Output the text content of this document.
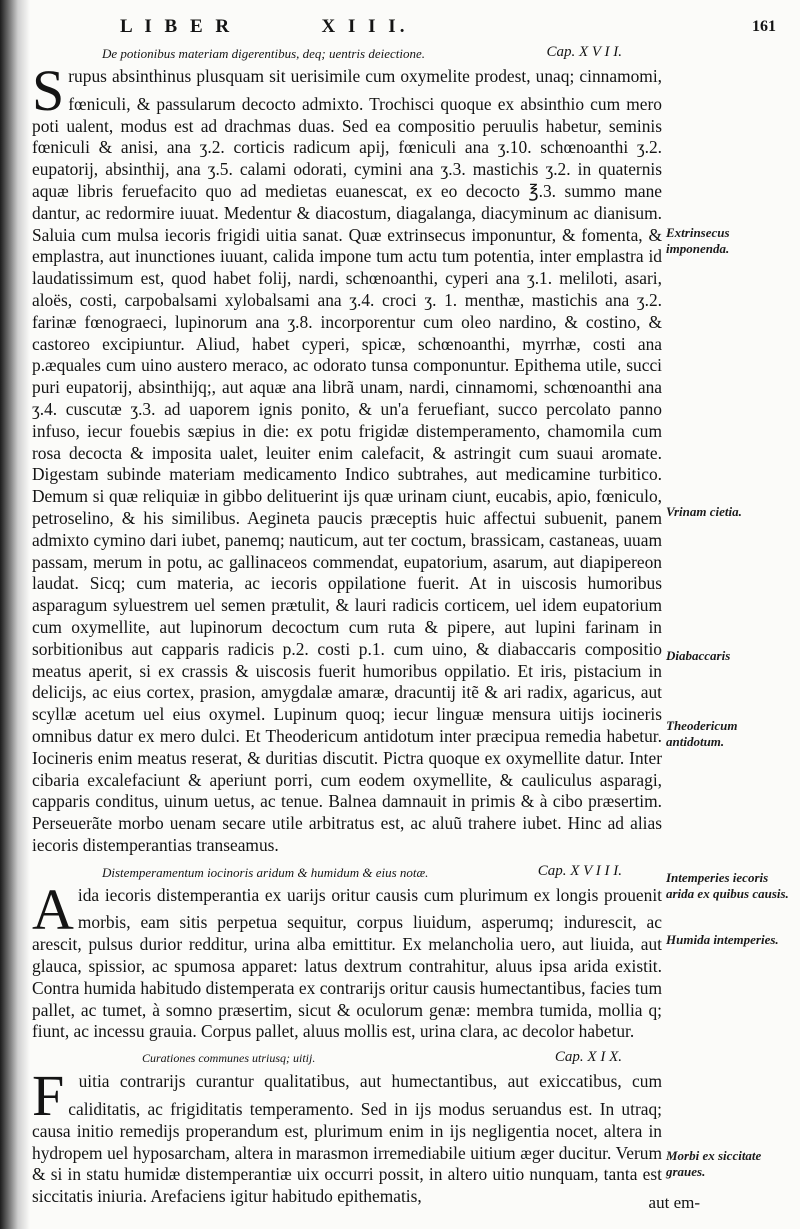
L I B E R	X I I I.	161
De potionibus materiam digerentibus, deq; uentris deiectione.	Cap. X V I I.
S

Yrupus absinthinus plusquam sit uerisimile cum oxymelite prodest, unaq; cinnamomi, fœniculi, & passularum decocto admixto. Trochisci quoque ex absinthio cum mero poti ualent, modus est ad drachmas duas. Sed ea compositio peruulis habetur, seminis fœniculi & anisi, ana ʒ.2. corticis radicum apij, fœniculi ana ʒ.10. schœnoanthi ʒ.2. eupatorij, absinthij, ana ʒ.5. calami odorati, cymini ana ʒ.3. mastichis ʒ.2. in quaternis aquæ libris feruefacito quo ad medietas euanescat, ex eo decocto ℥.3. summo mane dantur, ac redormire iuuat. Medentur & diacostum, diagalanga, diacyminum ac dianisum. Saluia cum mulsa iecoris frigidi uitia sanat. Quæ extrinsecus imponuntur, & fomenta, & emplastra, aut inunctiones iuuant, calida impone tum actu tum potentia, inter emplastra id laudatissimum est, quod habet folij, nardi, schœnoanthi, cyperi ana ʒ.1. meliloti, asari, aloës, costi, carpobalsami xylobalsami ana ʒ.4. croci ʒ. 1. menthæ, mastichis ana ʒ.2. farinæ fœnograeci, lupinorum ana ʒ.8. incorporentur cum oleo nardino, & costino, & castoreo excipiuntur. Aliud, habet cyperi, spicæ, schœnoanthi, myrrhæ, costi ana p.æquales cum uino austero meraco, ac odorato tunsa componuntur. Epithema utile, succi puri eupatorij, absinthijq;, aut aquæ ana librã unam, nardi, cinnamomi, schœnoanthi ana ʒ.4. cuscutæ ʒ.3. ad uaporem ignis ponito, & un'a feruefiant, succo percolato panno infuso, iecur fouebis sæpius in die: ex potu frigidæ distemperamento, chamomila cum rosa decocta & imposita ualet, leuiter enim calefacit, & astringit cum suaui aromate. Digestam subinde materiam medicamento Indico subtrahes, aut medicamine turbitico. Demum si quæ reliquiæ in gibbo delituerint ijs quæ urinam ciunt, eucabis, apio, fœniculo, petroselino, & his similibus. Aegineta paucis præceptis huic affectui subuenit, panem admixto cymino dari iubet, panemq; nauticum, aut ter coctum, brassicam, castaneas, uuam passam, merum in potu, ac gallinaceos commendat, eupatorium, asarum, aut diapipereon laudat. Sicq; cum materia, ac iecoris oppilatione fuerit. At in uiscosis humoribus asparagum syluestrem uel semen prætulit, & lauri radicis corticem, uel idem eupatorium cum oxymellite, aut lupinorum decoctum cum ruta & pipere, aut lupini farinam in sorbitionibus aut capparis radicis p.2. costi p.1. cum uino, & diabaccaris compositio meatus aperit, si ex crassis & uiscosis fuerit humoribus oppilatio. Et iris, pistacium in delicijs, ac eius cortex, prasion, amygdalæ amaræ, dracuntij itẽ & ari radix, agaricus, aut scyllæ acetum uel eius oxymel. Lupinum quoq; iecur linguæ mensura uitijs iocineris omnibus datur ex mero dulci. Et Theodericum antidotum inter præcipua remedia habetur. Iocineris enim meatus reserat, & duritias discutit. Pictra quoque ex oxymellite datur. Inter cibaria excalefaciunt & aperiunt porri, cum eodem oxymellite, & cauliculus asparagi, capparis conditus, uinum uetus, ac tenue. Balnea damnauit in primis & à cibo præsertim. Perseuerãte morbo uenam secare utile arbitratus est, ac aluũ trahere iubet. Hinc ad alias iecoris distemperantias transeamus.

Distemperamentum iocinoris aridum & humidum & eius notæ.	Cap. X V I I I.
A

Rida iecoris distemperantia ex uarijs oritur causis cum plurimum ex longis prouenit morbis, eam sitis perpetua sequitur, corpus liuidum, asperumq; indurescit, ac arescit, pulsus durior redditur, urina alba emittitur. Ex melancholia uero, aut liuida, aut glauca, spissior, ac spumosa apparet: latus dextrum contrahitur, aluus ipsa arida existit. Contra humida habitudo distemperata ex contrarijs oritur causis humectantibus, facies tum pallet, ac tumet, à somno præsertim, sicut & oculorum genæ: membra tumida, mollia q; fiunt, ac incessu grauia. Corpus pallet, aluus mollis est, urina clara, ac decolor habetur.

Curationes communes utriusq; uitij.	Cap. X I X.
F uitia contrarijs curantur qualitatibus, aut humectantibus, aut exiccatibus, cum caliditatis, ac frigiditatis temperamento. Sed in ijs modus seruandus est. In utraq; causa initio remedijs properandum est, plurimum enim in ijs negligentia nocet, altera in hydropem uel hyposarcham, altera in marasmon irremediabile uitium æger ducitur. Verum & si in statu humidæ distemperantiæ uix occurri possit, in altero uitio nunquam, tanta est siccitatis iniuria. Arefaciens igitur habitudo epithematis,

Extrinsecus imponenda.
Vrinam cietia.
Diabaccaris
Theodericum antidotum.
Intemperies iecoris arida ex quibus causis.
Humida intemperies.
Morbi ex siccitate graues.
aut em-
